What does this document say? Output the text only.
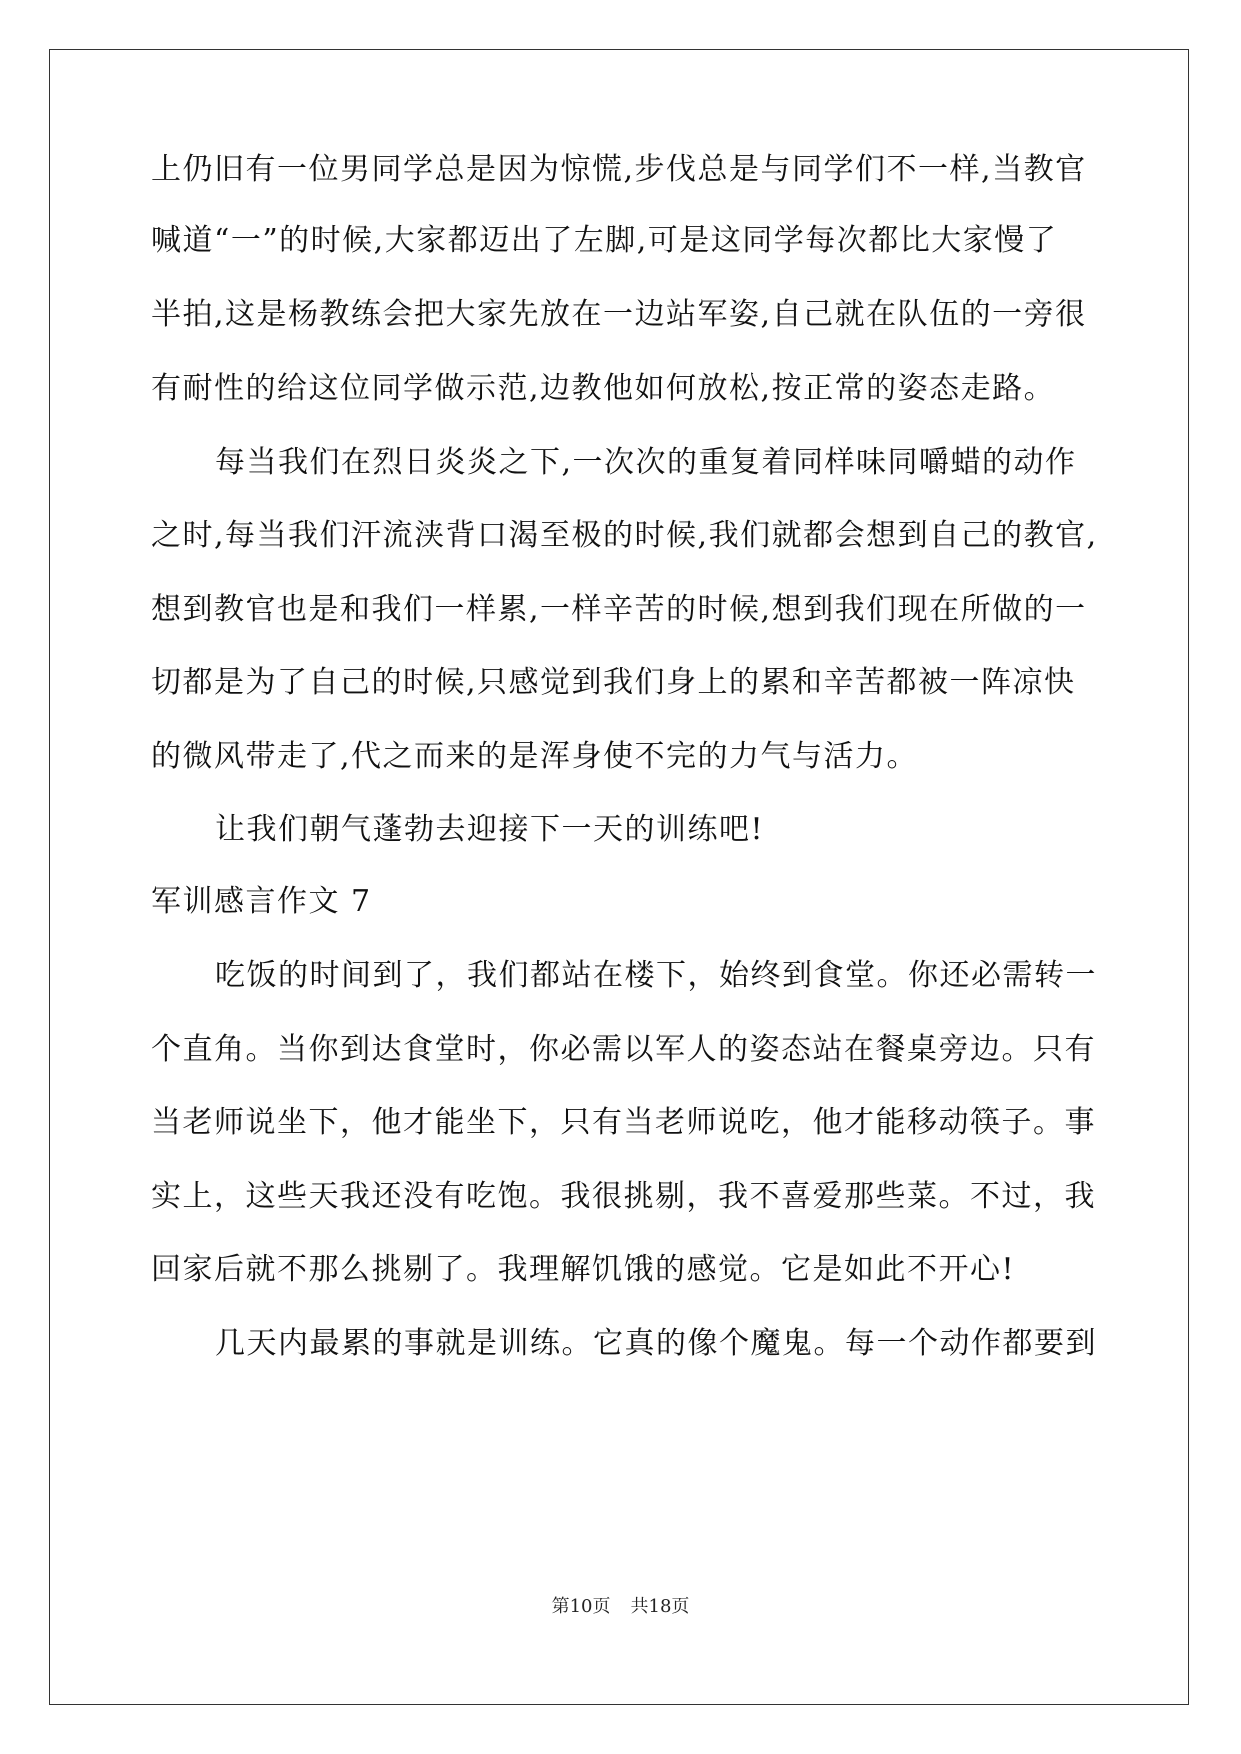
上仍旧有一位男同学总是因为惊慌,步伐总是与同学们不一样,当教官
喊道“一”的时候,大家都迈出了左脚,可是这同学每次都比大家慢了
半拍,这是杨教练会把大家先放在一边站军姿,自己就在队伍的一旁很
有耐性的给这位同学做示范,边教他如何放松,按正常的姿态走路。
每当我们在烈日炎炎之下,一次次的重复着同样味同嚼蜡的动作
之时,每当我们汗流浃背口渴至极的时候,我们就都会想到自己的教官,
想到教官也是和我们一样累,一样辛苦的时候,想到我们现在所做的一
切都是为了自己的时候,只感觉到我们身上的累和辛苦都被一阵凉快
的微风带走了,代之而来的是浑身使不完的力气与活力。
让我们朝气蓬勃去迎接下一天的训练吧!
军训感言作文 7
吃饭的时间到了，我们都站在楼下，始终到食堂。你还必需转一
个直角。当你到达食堂时，你必需以军人的姿态站在餐桌旁边。只有
当老师说坐下，他才能坐下，只有当老师说吃，他才能移动筷子。事
实上，这些天我还没有吃饱。我很挑剔，我不喜爱那些菜。不过，我
回家后就不那么挑剔了。我理解饥饿的感觉。它是如此不开心!
几天内最累的事就是训练。它真的像个魔鬼。每一个动作都要到
第10页 共18页
